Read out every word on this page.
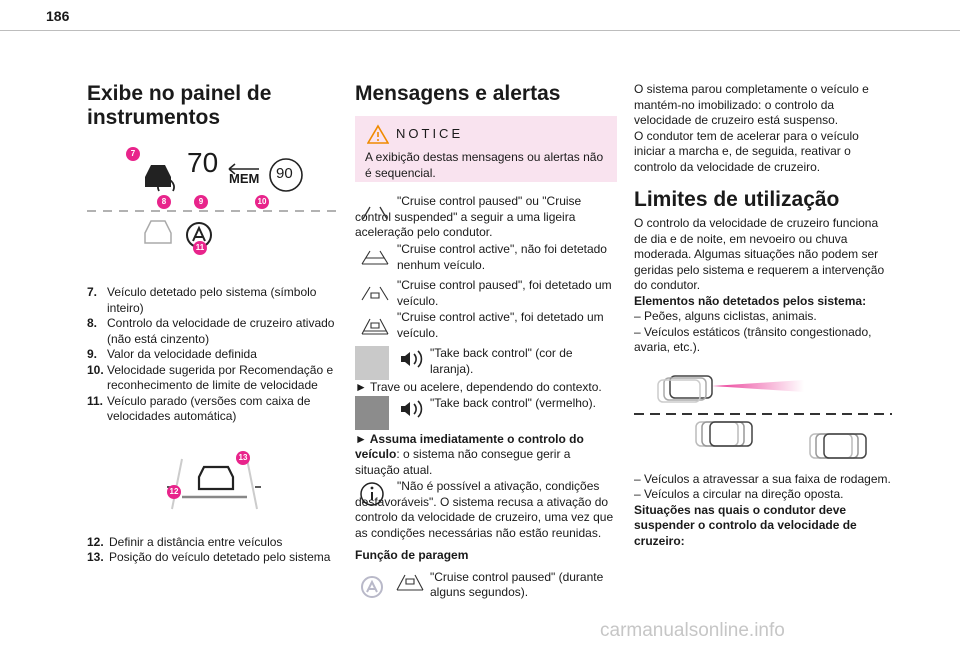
186
Exibe no painel de instrumentos
70
MEM 90
7
8	9	10
11
7. Veículo detetado pelo sistema (símbolo inteiro)
8. Controlo da velocidade de cruzeiro ativado (não está cinzento)
9. Valor da velocidade definida
10. Velocidade sugerida por Recomendação e reconhecimento de limite de velocidade
11. Veículo parado (versões com caixa de velocidades automática)
13
12
12. Definir a distância entre veículos
13. Posição do veículo detetado pelo sistema
Mensagens e alertas
NOTICE
A exibição destas mensagens ou alertas não é sequencial.

"Cruise control paused" ou "Cruise control suspended" a seguir a uma ligeira aceleração pelo condutor.

"Cruise control active", não foi detetado nenhum veículo.

"Cruise control paused", foi detetado um veículo.

"Cruise control active", foi detetado um veículo.

"Take back control" (cor de laranja).

► Trave ou acelere, dependendo do contexto.

"Take back control" (vermelho).

► Assuma imediatamente o controlo do veículo: o sistema não consegue gerir a situação atual.

"Não é possível a ativação, condições desfavoráveis". O sistema recusa a ativação do controlo da velocidade de cruzeiro, uma vez que as condições necessárias não estão reunidas.

Função de paragem

"Cruise control paused" (durante alguns segundos).

O sistema parou completamente o veículo e mantém-no imobilizado: o controlo da velocidade de cruzeiro está suspenso.

O condutor tem de acelerar para o veículo iniciar a marcha e, de seguida, reativar o controlo da velocidade de cruzeiro.

Limites de utilização

O controlo da velocidade de cruzeiro funciona de dia e de noite, em nevoeiro ou chuva moderada. Algumas situações não podem ser geridas pelo sistema e requerem a intervenção do condutor.

Elementos não detetados pelos sistema:

– Peões, alguns ciclistas, animais.

– Veículos estáticos (trânsito congestionado, avaria, etc.).

– Veículos a atravessar a sua faixa de rodagem.

– Veículos a circular na direção oposta.

Situações nas quais o condutor deve suspender o controlo da velocidade de cruzeiro:

carmanualsonline.info
